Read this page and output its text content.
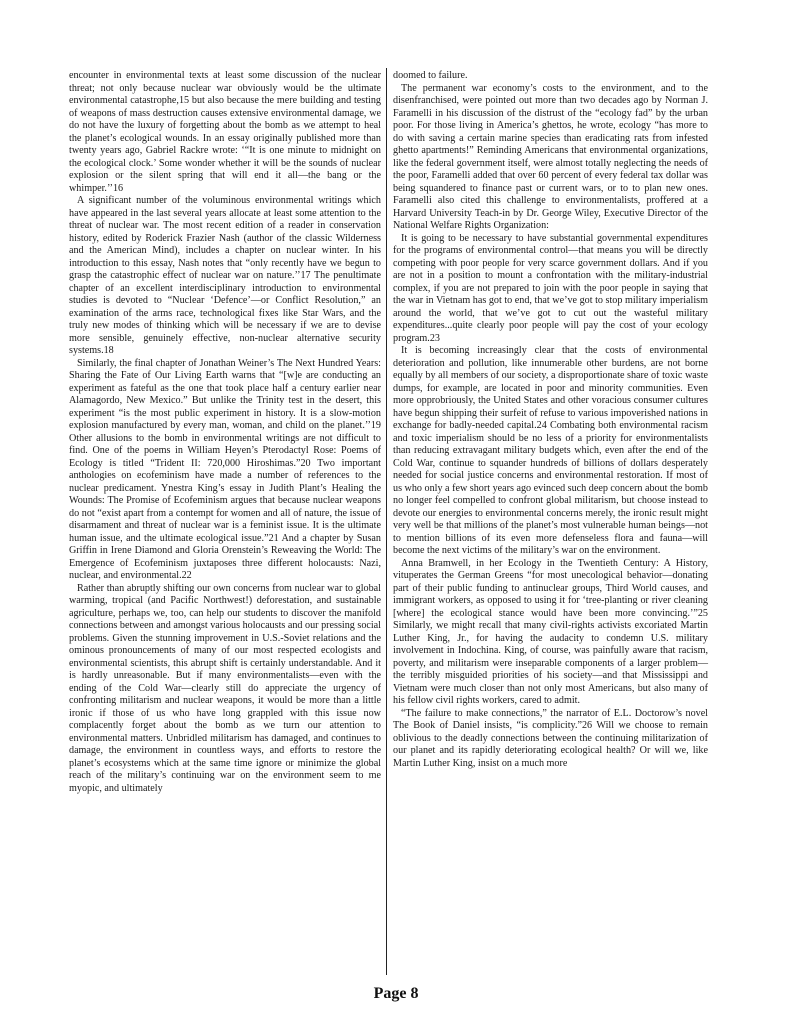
encounter in environmental texts at least some discussion of the nuclear threat; not only because nuclear war obviously would be the ultimate environmental catastrophe,15 but also because the mere building and testing of weapons of mass destruction causes extensive environmental damage, we do not have the luxury of forgetting about the bomb as we attempt to heal the planet’s ecological wounds. In an essay originally published more than twenty years ago, Gabriel Rackre wrote: ‘“It is one minute to midnight on the ecological clock.’ Some wonder whether it will be the sounds of nuclear explosion or the silent spring that will end it all—the bang or the whimper.’’16

A significant number of the voluminous environmental writings which have appeared in the last several years allocate at least some attention to the threat of nuclear war. The most recent edition of a reader in conservation history, edited by Roderick Frazier Nash (author of the classic Wilderness and the American Mind), includes a chapter on nuclear winter. In his introduction to this essay, Nash notes that “only recently have we begun to grasp the catastrophic effect of nuclear war on nature.’’17 The penultimate chapter of an excellent interdisciplinary introduction to environmental studies is devoted to “Nuclear ‘Defence’—or Conflict Resolution,” an examination of the arms race, technological fixes like Star Wars, and the truly new modes of thinking which will be necessary if we are to devise more sensible, genuinely effective, non-nuclear alternative security systems.18

Similarly, the final chapter of Jonathan Weiner’s The Next Hundred Years: Sharing the Fate of Our Living Earth warns that “[w]e are conducting an experiment as fateful as the one that took place half a century earlier near Alamagordo, New Mexico.” But unlike the Trinity test in the desert, this experiment “is the most public experiment in history. It is a slow-motion explosion manufactured by every man, woman, and child on the planet.’’19 Other allusions to the bomb in environmental writings are not difficult to find. One of the poems in William Heyen’s Pterodactyl Rose: Poems of Ecology is titled “Trident II: 720,000 Hiroshimas.”20 Two important anthologies on ecofeminism have made a number of references to the nuclear predicament. Ynestra King’s essay in Judith Plant’s Healing the Wounds: The Promise of Ecofeminism argues that because nuclear weapons do not “exist apart from a contempt for women and all of nature, the issue of disarmament and threat of nuclear war is a feminist issue. It is the ultimate human issue, and the ultimate ecological issue.”21 And a chapter by Susan Griffin in Irene Diamond and Gloria Orenstein’s Reweaving the World: The Emergence of Ecofeminism juxtaposes three different holocausts: Nazi, nuclear, and environmental.22

Rather than abruptly shifting our own concerns from nuclear war to global warming, tropical (and Pacific Northwest!) deforestation, and sustainable agriculture, perhaps we, too, can help our students to discover the manifold connections between and amongst various holocausts and our pressing social problems. Given the stunning improvement in U.S.-Soviet relations and the ominous pronouncements of many of our most respected ecologists and environmental scientists, this abrupt shift is certainly understandable. And it is hardly unreasonable. But if many environmentalists—even with the ending of the Cold War—clearly still do appreciate the urgency of confronting militarism and nuclear weapons, it would be more than a little ironic if those of us who have long grappled with this issue now complacently forget about the bomb as we turn our attention to environmental matters. Unbridled militarism has damaged, and continues to damage, the environment in countless ways, and efforts to restore the planet’s ecosystems which at the same time ignore or minimize the global reach of the military’s continuing war on the environment seem to me myopic, and ultimately

doomed to failure.

The permanent war economy’s costs to the environment, and to the disenfranchised, were pointed out more than two decades ago by Norman J. Faramelli in his discussion of the distrust of the “ecology fad” by the urban poor. For those living in America’s ghettos, he wrote, ecology “has more to do with saving a certain marine species than eradicating rats from infested ghetto apartments!” Reminding Americans that environmental organizations, like the federal government itself, were almost totally neglecting the needs of the poor, Faramelli added that over 60 percent of every federal tax dollar was being squandered to finance past or current wars, or to to plan new ones. Faramelli also cited this challenge to environmentalists, proffered at a Harvard University Teach-in by Dr. George Wiley, Executive Director of the National Welfare Rights Organization:

It is going to be necessary to have substantial governmental expenditures for the programs of environmental control—that means you will be directly competing with poor people for very scarce government dollars. And if you are not in a position to mount a confrontation with the military-industrial complex, if you are not prepared to join with the poor people in saying that the war in Vietnam has got to end, that we’ve got to stop military imperialism around the world, that we’ve got to cut out the wasteful military expenditures...quite clearly poor people will pay the cost of your ecology program.23

It is becoming increasingly clear that the costs of environmental deterioration and pollution, like innumerable other burdens, are not borne equally by all members of our society, a disproportionate share of toxic waste dumps, for example, are located in poor and minority communities. Even more opprobriously, the United States and other voracious consumer cultures have begun shipping their surfeit of refuse to various impoverished nations in exchange for badly-needed capital.24 Combating both environmental racism and toxic imperialism should be no less of a priority for environmentalists than reducing extravagant military budgets which, even after the end of the Cold War, continue to squander hundreds of billions of dollars desperately needed for social justice concerns and environmental restoration. If most of us who only a few short years ago evinced such deep concern about the bomb no longer feel compelled to confront global militarism, but choose instead to devote our energies to environmental concerns merely, the ironic result might very well be that millions of the planet’s most vulnerable human beings—not to mention billions of its even more defenseless flora and fauna—will become the next victims of the military’s war on the environment.

Anna Bramwell, in her Ecology in the Twentieth Century: A History, vituperates the German Greens “for most unecological behavior—donating part of their public funding to antinuclear groups, Third World causes, and immigrant workers, as opposed to using it for ‘tree-planting or river cleaning [where] the ecological stance would have been more convincing.’”25 Similarly, we might recall that many civil-rights activists excoriated Martin Luther King, Jr., for having the audacity to condemn U.S. military involvement in Indochina. King, of course, was painfully aware that racism, poverty, and militarism were inseparable components of a larger problem—the terribly misguided priorities of his society—and that Mississippi and Vietnam were much closer than not only most Americans, but also many of his fellow civil rights workers, cared to admit.

“The failure to make connections,” the narrator of E.L. Doctorow’s novel The Book of Daniel insists, “is complicity.”26 Will we choose to remain oblivious to the deadly connections between the continuing militarization of our planet and its rapidly deteriorating ecological health? Or will we, like Martin Luther King, insist on a much more

Page 8
